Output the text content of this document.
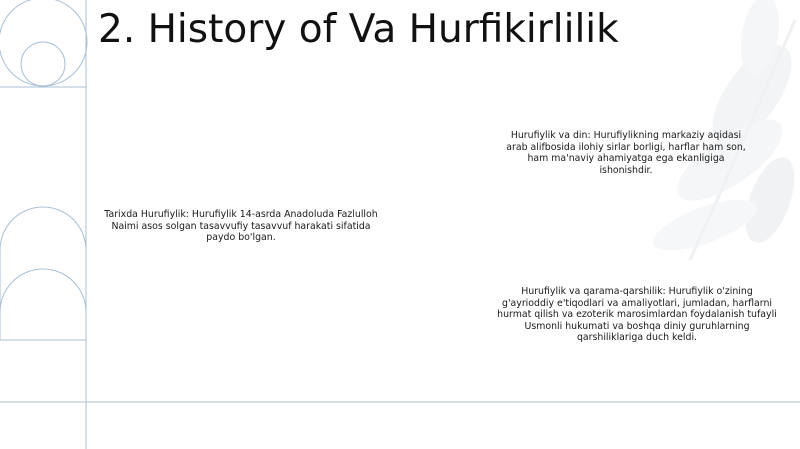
2. History of Va Hurfikirlilik

Tarixda Hurufiylik: Hurufiylik 14-asrda Anadoluda Fazlulloh Naimi asos solgan tasavvufiy tasavvuf harakati sifatida paydo bo'lgan.

Hurufiylik va din: Hurufiylikning markaziy aqidasi arab alifbosida ilohiy sirlar borligi, harflar ham son, ham ma'naviy ahamiyatga ega ekanligiga ishonishdir.

Hurufiylik va qarama-qarshilik: Hurufiylik o'zining g'ayrioddiy e'tiqodlari va amaliyotlari, jumladan, harflarni hurmat qilish va ezoterik marosimlardan foydalanish tufayli Usmonli hukumati va boshqa diniy guruhlarning qarshiliklariga duch keldi.
